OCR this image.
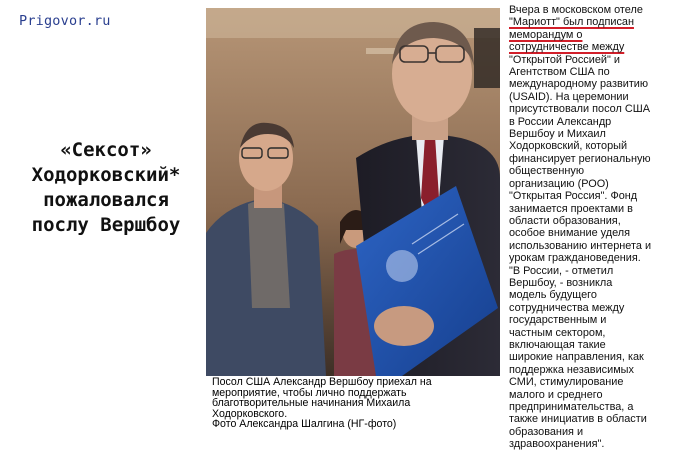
Prigovor.ru
«Сексот»
Ходорковский*
пожаловался
послу Вершбоу
Посол США Александр Вершбоу приехал на
мероприятие, чтобы лично поддержать
благотворительные начинания Михаила
Ходорковского.
Фото Александра Шалгина (НГ-фото)
Вчера в московском отеле
"Мариотт" был подписан
меморандум о
сотрудничестве между
"Открытой Россией" и
Агентством США по
международному развитию
(USAID). На церемонии
присутствовали посол США
в России Александр
Вершбоу и Михаил
Ходорковский, который
финансирует региональную
общественную
организацию (РОО)
"Открытая Россия". Фонд
занимается проектами в
области образования,
особое внимание уделя
использованию интернета и
урокам граждановедения.
"В России, - отметил
Вершбоу, - возникла
модель будущего
сотрудничества между
государственным и
частным сектором,
включающая такие
широкие направления, как
поддержка независимых
СМИ, стимулирование
малого и среднего
предпринимательства, а
также инициатив в области
образования и
здравоохранения".
